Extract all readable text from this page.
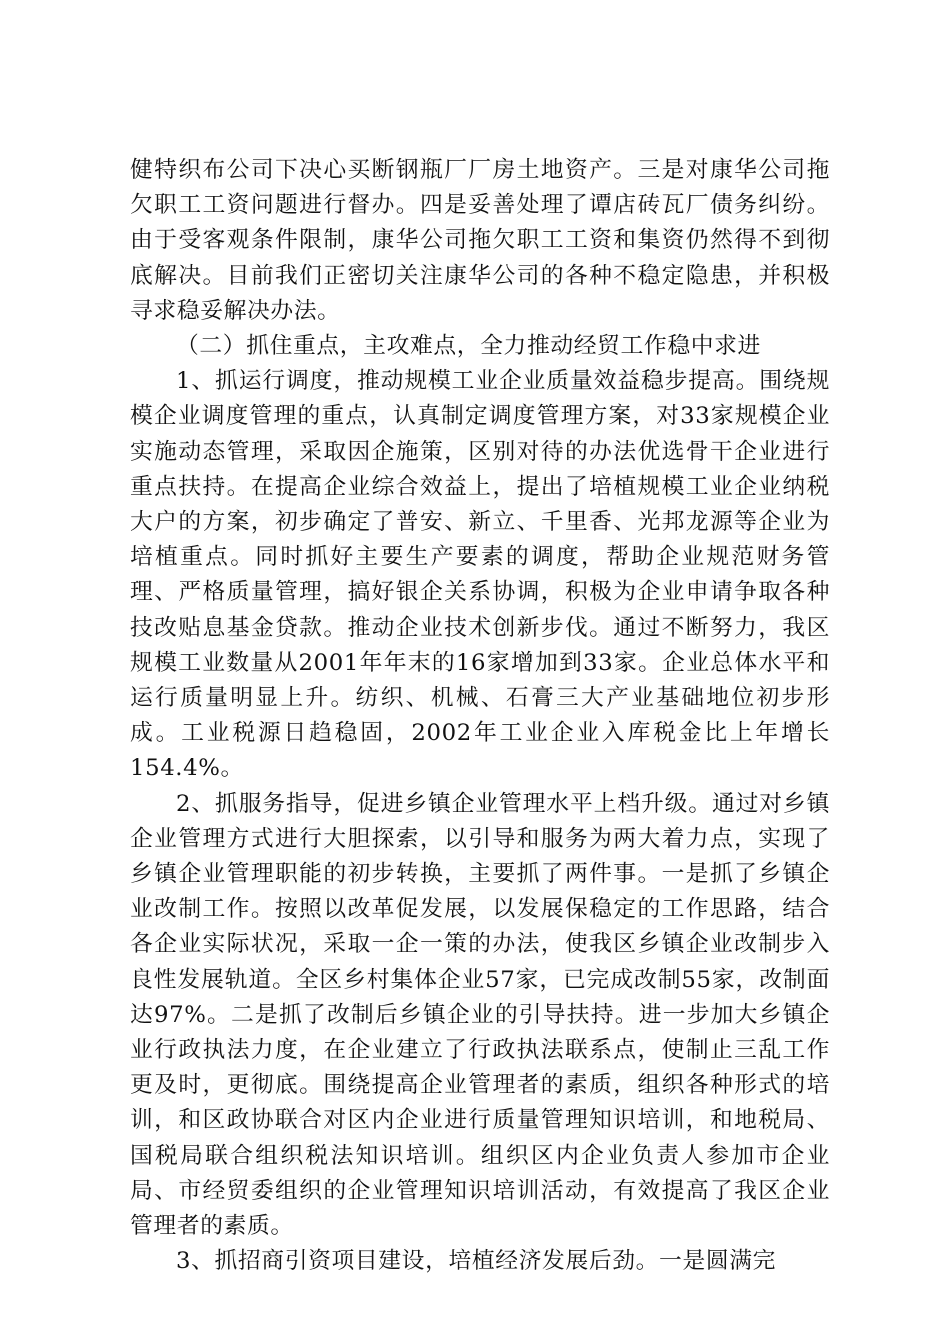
健特织布公司下决心买断钢瓶厂厂房土地资产。三是对康华公司拖欠职工工资问题进行督办。四是妥善处理了谭店砖瓦厂债务纠纷。由于受客观条件限制，康华公司拖欠职工工资和集资仍然得不到彻底解决。目前我们正密切关注康华公司的各种不稳定隐患，并积极寻求稳妥解决办法。

（二）抓住重点，主攻难点，全力推动经贸工作稳中求进

1、抓运行调度，推动规模工业企业质量效益稳步提高。围绕规模企业调度管理的重点，认真制定调度管理方案，对33家规模企业实施动态管理，采取因企施策，区别对待的办法优选骨干企业进行重点扶持。在提高企业综合效益上，提出了培植规模工业企业纳税大户的方案，初步确定了普安、新立、千里香、光邦龙源等企业为培植重点。同时抓好主要生产要素的调度，帮助企业规范财务管理、严格质量管理，搞好银企关系协调，积极为企业申请争取各种技改贴息基金贷款。推动企业技术创新步伐。通过不断努力，我区规模工业数量从2001年年末的16家增加到33家。企业总体水平和运行质量明显上升。纺织、机械、石膏三大产业基础地位初步形成。工业税源日趋稳固，2002年工业企业入库税金比上年增长154.4%。

2、抓服务指导，促进乡镇企业管理水平上档升级。通过对乡镇企业管理方式进行大胆探索，以引导和服务为两大着力点，实现了乡镇企业管理职能的初步转换，主要抓了两件事。一是抓了乡镇企业改制工作。按照以改革促发展，以发展保稳定的工作思路，结合各企业实际状况，采取一企一策的办法，使我区乡镇企业改制步入良性发展轨道。全区乡村集体企业57家，已完成改制55家，改制面达97%。二是抓了改制后乡镇企业的引导扶持。进一步加大乡镇企业行政执法力度，在企业建立了行政执法联系点，使制止三乱工作更及时，更彻底。围绕提高企业管理者的素质，组织各种形式的培训，和区政协联合对区内企业进行质量管理知识培训，和地税局、国税局联合组织税法知识培训。组织区内企业负责人参加市企业局、市经贸委组织的企业管理知识培训活动，有效提高了我区企业管理者的素质。

3、抓招商引资项目建设，培植经济发展后劲。一是圆满完
